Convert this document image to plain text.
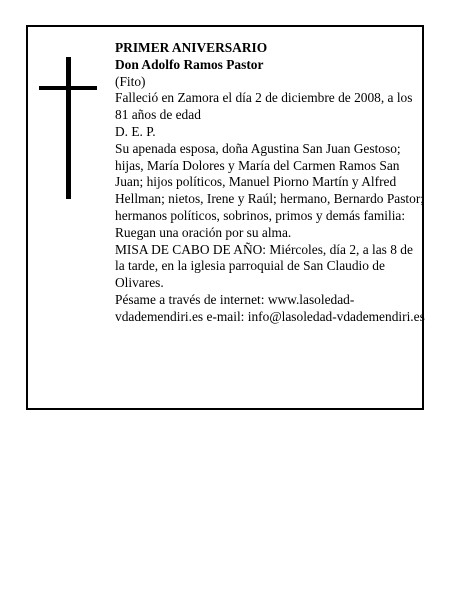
PRIMER ANIVERSARIO

Don Adolfo Ramos Pastor

(Fito)

Falleció en Zamora el día 2 de diciembre de 2008, a los 81 años de edad

D. E. P.

Su apenada esposa, doña Agustina San Juan Gestoso; hijas, María Dolores y María del Carmen Ramos San Juan; hijos políticos, Manuel Piorno Martín y Alfred Hellman; nietos, Irene y Raúl; hermano, Bernardo Pastor; hermanos políticos, sobrinos, primos y demás familia:

Ruegan una oración por su alma.

MISA DE CABO DE AÑO: Miércoles, día 2, a las 8 de la tarde, en la iglesia parroquial de San Claudio de Olivares.

Pésame a través de internet: www.lasoledad-vdademendiri.es e-mail: info@lasoledad-vdademendiri.es
